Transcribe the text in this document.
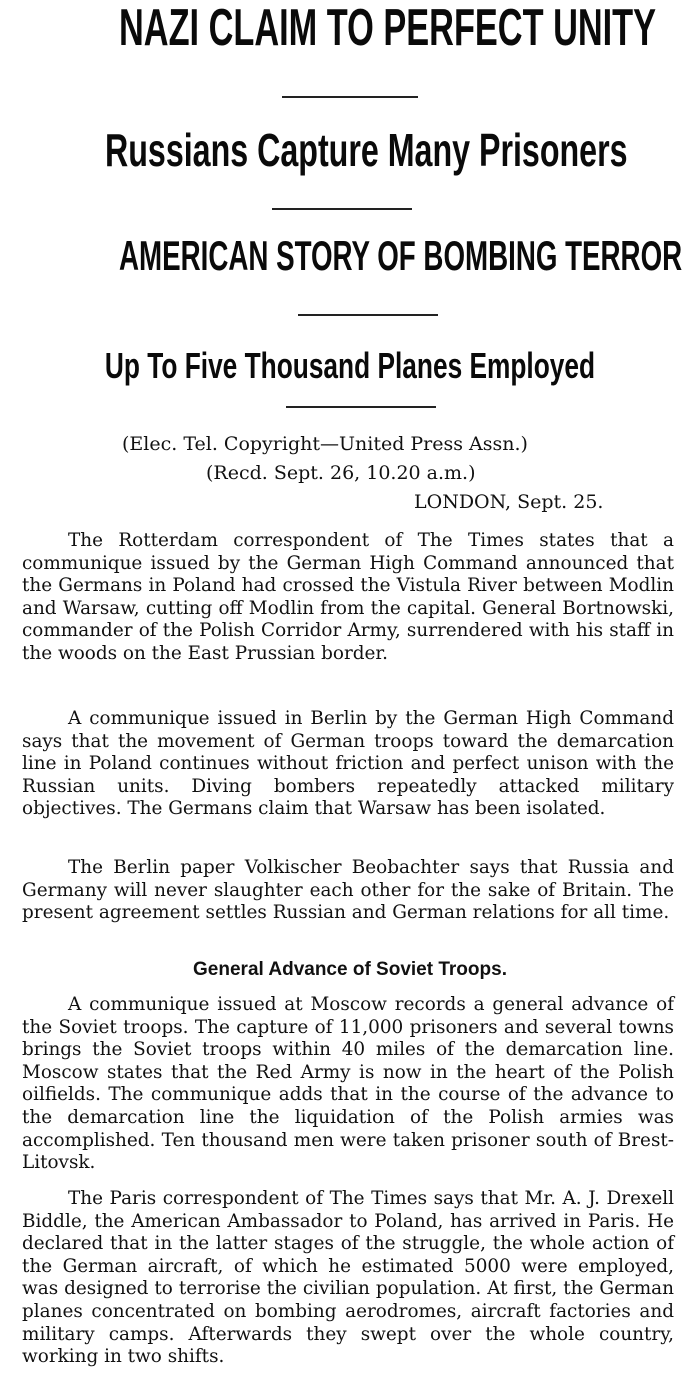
NAZI CLAIM TO PERFECT UNITY
Russians Capture Many Prisoners
AMERICAN STORY OF BOMBING TERROR
Up To Five Thousand Planes Employed
(Elec. Tel. Copyright—United Press Assn.)
(Recd. Sept. 26, 10.20 a.m.)
LONDON, Sept. 25.

The Rotterdam correspondent of The Times states that a communique issued by the German High Command announced that the Germans in Poland had crossed the Vistula River between Modlin and Warsaw, cutting off Modlin from the capital. General Bortnowski, commander of the Polish Corridor Army, surrendered with his staff in the woods on the East Prussian border.

A communique issued in Berlin by the German High Command says that the movement of German troops toward the demarcation line in Poland continues without friction and perfect unison with the Russian units. Diving bombers repeatedly attacked military objectives. The Germans claim that Warsaw has been isolated.

The Berlin paper Volkischer Beobachter says that Russia and Germany will never slaughter each other for the sake of Britain. The present agreement settles Russian and German relations for all time.

General Advance of Soviet Troops.

A communique issued at Moscow records a general advance of the Soviet troops. The capture of 11,000 prisoners and several towns brings the Soviet troops within 40 miles of the demarcation line. Moscow states that the Red Army is now in the heart of the Polish oilfields. The communique adds that in the course of the advance to the demarcation line the liquidation of the Polish armies was accomplished. Ten thousand men were taken prisoner south of Brest-Litovsk.

The Paris correspondent of The Times says that Mr. A. J. Drexell Biddle, the American Ambassador to Poland, has arrived in Paris. He declared that in the latter stages of the struggle, the whole action of the German aircraft, of which he estimated 5000 were employed, was designed to terrorise the civilian population. At first, the German planes concentrated on bombing aerodromes, aircraft factories and military camps. Afterwards they swept over the whole country, working in two shifts.
